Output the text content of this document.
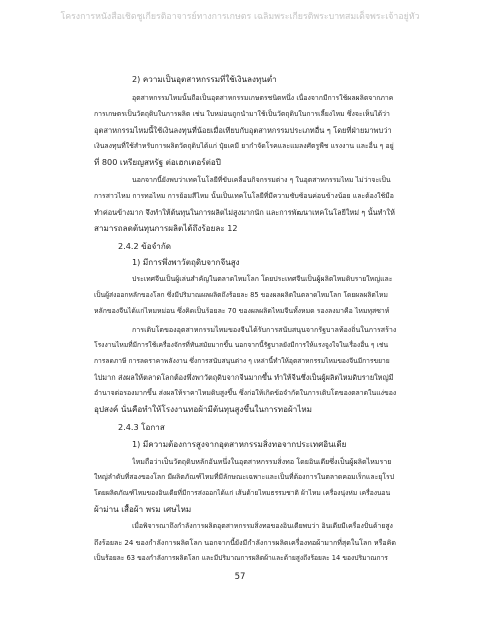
โครงการหนังสือเชิดชูเกียรติอาจารย์ทางการเกษตร เฉลิมพระเกียรติพระบาทสมเด็จพระเจ้าอยู่หัว
2) ความเป็นอุตสาหกรรมที่ใช้เงินลงทุนต่ำ
อุตสาหกรรมไหมนั้นถือเป็นอุตสาหกรรมเกษตรชนิดหนึ่ง เนื่องจากมีการใช้ผลผลิตจากภาค
การเกษตรเป็นวัตถุดิบในการผลิต เช่น ใบหม่อนถูกนำมาใช้เป็นวัตถุดิบในการเลี้ยงไหม ซึ่งจะเห็นได้ว่า
อุตสาหกรรมไหมนี้ใช้เงินลงทุนที่น้อยเมื่อเทียบกับอุตสาหกรรมประเภทอื่น ๆ โดยที่ฝ่ายมาพบว่า
เงินลงทุนที่ใช้สำหรับการผลิตวัตถุดิบได้แก่ ปุ๋ยเคมี ยากำจัดโรคและแมลงศัตรูพืช แรงงาน และอื่น ๆ อยู่
ที่ 800 เหรียญสหรัฐ ต่อเฮกเตอร์ต่อปี
นอกจากนี้ยังพบว่าเทคโนโลยีที่ขับเคลื่อนกิจกรรมต่าง ๆ ในอุตสาหกรรมไหม ไม่ว่าจะเป็น
การสาวไหม การทอไหม การย้อมสีไหม นั้นเป็นเทคโนโลยีที่มีความซับซ้อนค่อนข้างน้อย และต้องใช้มือ
ทำค่อนข้างมาก จึงทำให้ต้นทุนในการผลิตไม่สูงมากนัก และการพัฒนาเทคโนโลยีใหม่ ๆ นั้นทำให้
สามารถลดต้นทุนการผลิตได้ถึงร้อยละ 12
2.4.2 ข้อจำกัด
1) มีการพึ่งพาวัตถุดิบจากจีนสูง
ประเทศจีนเป็นผู้เล่นสำคัญในตลาดไหมโลก โดยประเทศจีนเป็นผู้ผลิตไหมดิบรายใหญ่และ
เป็นผู้ส่งออกหลักของโลก ซึ่งมีปริมาณผลผลิตถึงร้อยละ 85 ของผลผลิตในตลาดไหมโลก โดยผลผลิตไหม
หลักของจีนได้แก่ไหมหม่อน ซึ่งคิดเป็นร้อยละ 70 ของผลผลิตไหมจีนทั้งหมด รองลงมาคือ ไหมทุสซาห์
การเติบโตของอุตสาหกรรมไหมของจีนได้รับการสนับสนุนจากรัฐบาลท้องถิ่นในการสร้าง
โรงงานไหมที่มีการใช้เครื่องจักรที่ทันสมัยมากขึ้น นอกจากนี้รัฐบาลยังมีการให้แรงจูงใจในเรื่องอื่น ๆ เช่น
การลดภาษี การลดราคาพลังงาน ซึ่งการสนับสนุนต่าง ๆ เหล่านี้ทำให้อุตสาหกรรมไหมของจีนมีการขยาย
ไปมาก ส่งผลให้ตลาดโลกต้องพึ่งพาวัตถุดิบจากจีนมากขึ้น ทำให้จีนซึ่งเป็นผู้ผลิตไหมดิบรายใหญ่มี
อำนาจต่อรองมากขึ้น ส่งผลให้ราคาไหมดิบสูงขึ้น ซึ่งก่อให้เกิดข้อจำกัดในการเติบโตของตลาดในแง่ของ
อุปสงค์ นั่นคือทำให้โรงงานทอผ้ามีต้นทุนสูงขึ้นในการทอผ้าไหม
2.4.3 โอกาส
1) มีความต้องการสูงจากอุตสาหกรรมสิ่งทอจากประเทศอินเดีย
ไหมถือว่าเป็นวัตถุดิบหลักอันหนึ่งในอุตสาหกรรมสิ่งทอ โดยอินเดียซึ่งเป็นผู้ผลิตไหมราย
ใหญ่ลำดับที่สองของโลก มีผลิตภัณฑ์ไหมที่มีลักษณะเฉพาะและเป็นที่ต้องการในตลาดคอมเร็กและยุโรป
โดยผลิตภัณฑ์ไหมของอินเดียที่มีการส่งออกได้แก่ เส้นด้ายไหมธรรมชาติ ผ้าไหม เครื่องนุ่งห่ม เครื่องนอน
ผ้าม่าน เสื้อผ้า พรม เศษไหม
เมื่อพิจารณาถึงกำลังการผลิตอุตสาหกรรมสิ่งทอของอินเดียพบว่า อินเดียมีเครื่องปั่นด้ายสูง
ถึงร้อยละ 24 ของกำลังการผลิตโลก นอกจากนี้ยังมีกำลังการผลิตเครื่องทอผ้ามากที่สุดในโลก หรือคิด
เป็นร้อยละ 63 ของกำลังการผลิตโลก และมีปริมาณการผลิตผ้าและด้ายสูงถึงร้อยละ 14 ของปริมาณการ
57
